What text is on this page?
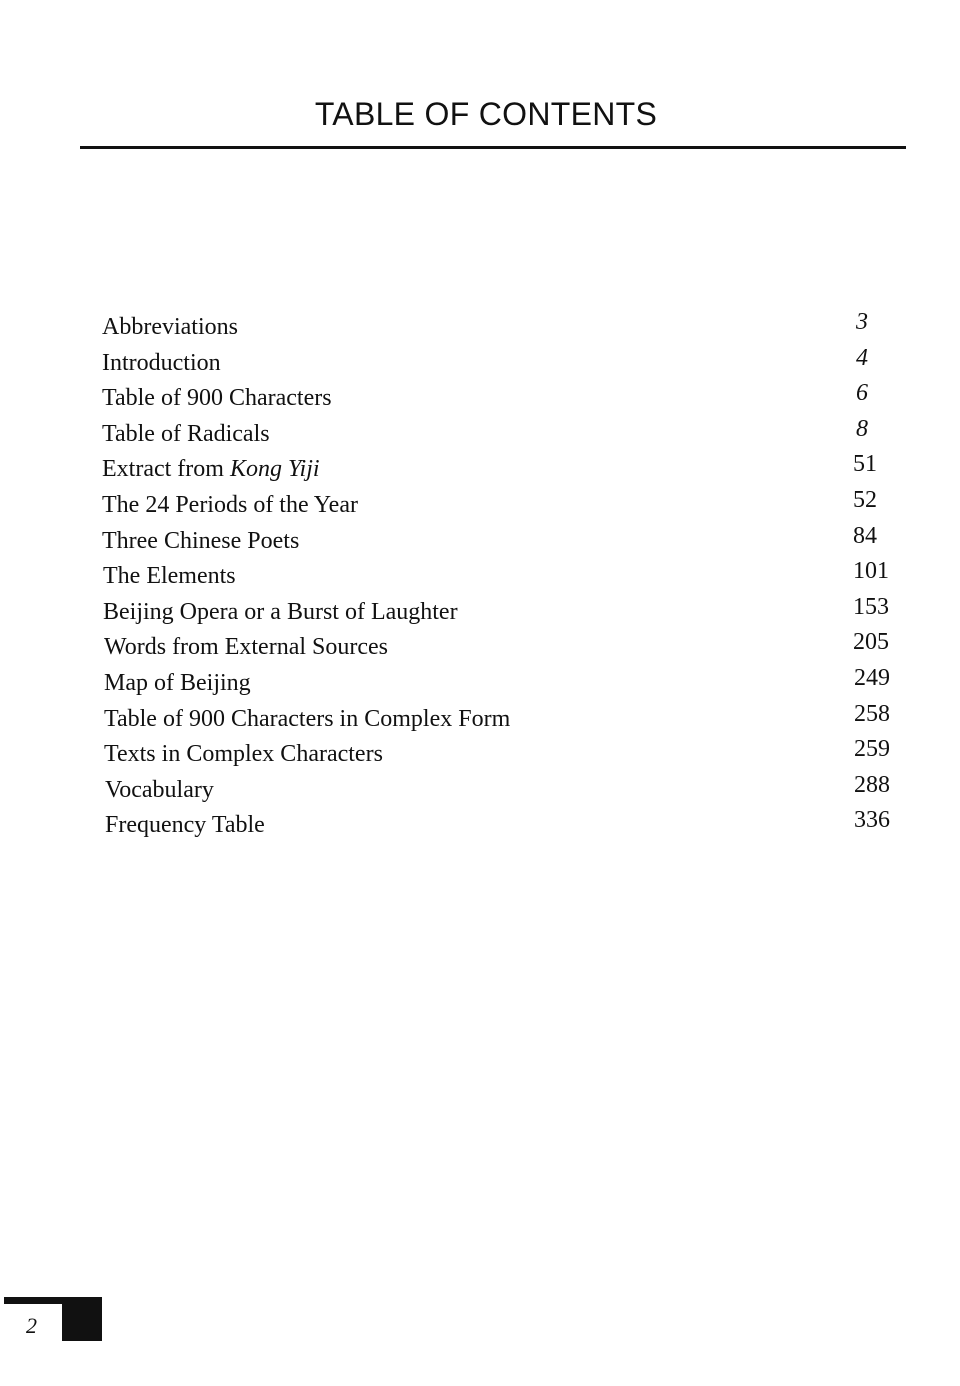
TABLE OF CONTENTS
Abbreviations	3
Introduction	4
Table of 900 Characters	6
Table of Radicals	8
Extract from Kong Yiji	51
The 24 Periods of the Year	52
Three Chinese Poets	84
The Elements	101
Beijing Opera or a Burst of Laughter	153
Words from External Sources	205
Map of Beijing	249
Table of 900 Characters in Complex Form	258
Texts in Complex Characters	259
Vocabulary	288
Frequency Table	336
2
